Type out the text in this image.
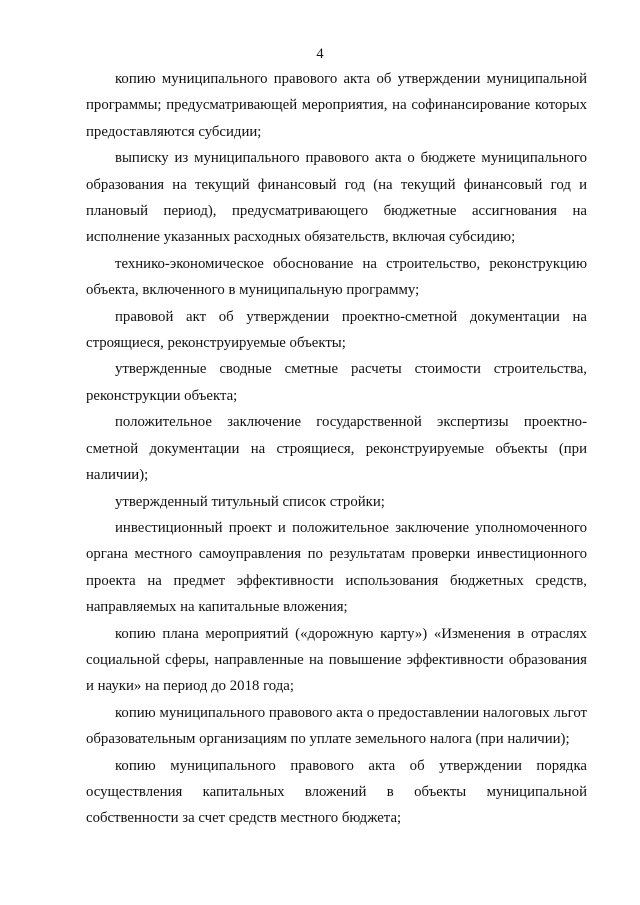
4

копию муниципального правового акта об утверждении муниципальной программы; предусматривающей мероприятия, на софинансирование которых предоставляются субсидии;

выписку из муниципального правового акта о бюджете муниципального образования на текущий финансовый год (на текущий финансовый год и плановый период), предусматривающего бюджетные ассигнования на исполнение указанных расходных обязательств, включая субсидию;

технико-экономическое обоснование на строительство, реконструкцию объекта, включенного в муниципальную программу;

правовой акт об утверждении проектно-сметной документации на строящиеся, реконструируемые объекты;

утвержденные сводные сметные расчеты стоимости строительства, реконструкции объекта;

положительное заключение государственной экспертизы проектно-сметной документации на строящиеся, реконструируемые объекты (при наличии);

утвержденный титульный список стройки;

инвестиционный проект и положительное заключение уполномоченного органа местного самоуправления по результатам проверки инвестиционного проекта на предмет эффективности использования бюджетных средств, направляемых на капитальные вложения;

копию плана мероприятий («дорожную карту») «Изменения в отраслях социальной сферы, направленные на повышение эффективности образования и науки» на период до 2018 года;

копию муниципального правового акта о предоставлении налоговых льгот образовательным организациям по уплате земельного налога (при наличии);

копию муниципального правового акта об утверждении порядка осуществления капитальных вложений в объекты муниципальной собственности за счет средств местного бюджета;
